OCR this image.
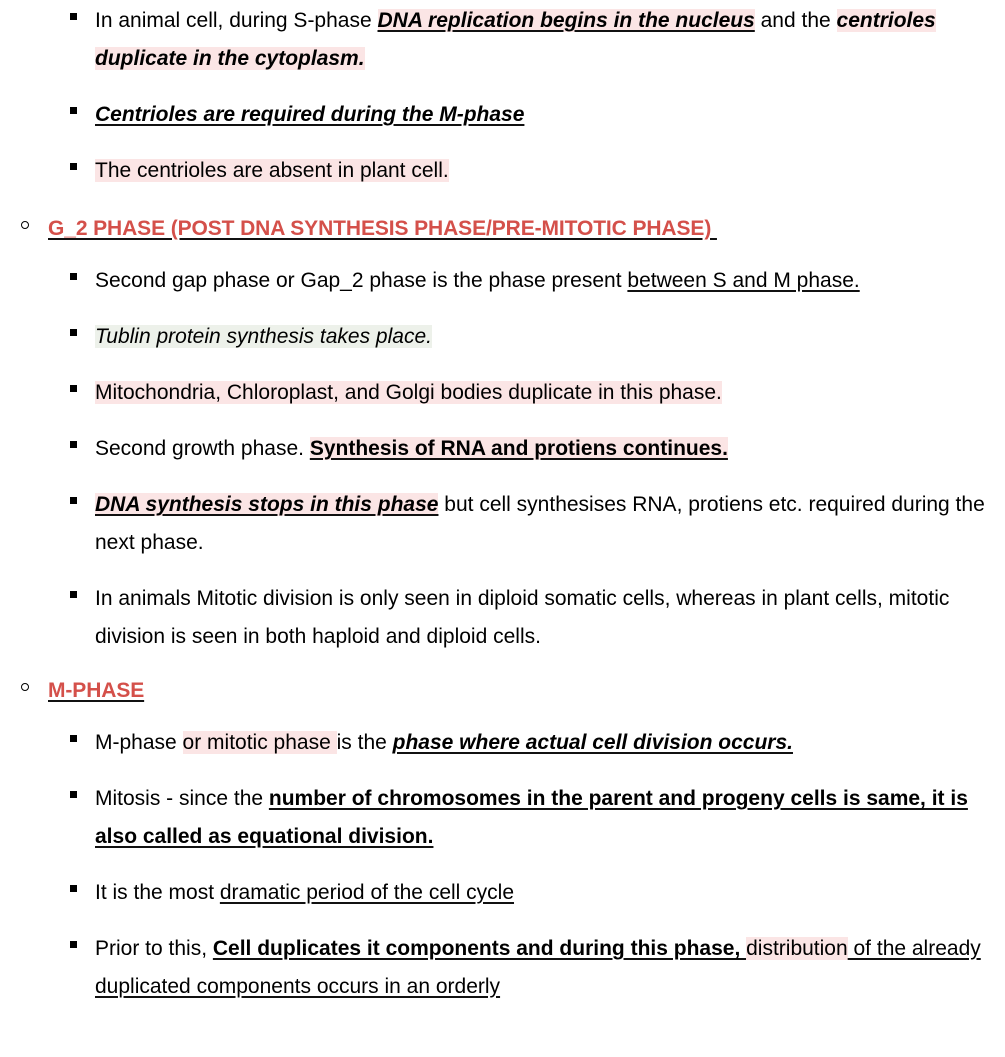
In animal cell, during S-phase DNA replication begins in the nucleus and the centrioles duplicate in the cytoplasm.
Centrioles are required during the M-phase
The centrioles are absent in plant cell.
G_2 PHASE (POST DNA SYNTHESIS PHASE/PRE-MITOTIC PHASE)
Second gap phase or Gap_2 phase is the phase present between S and M phase.
Tublin protein synthesis takes place.
Mitochondria, Chloroplast, and Golgi bodies duplicate in this phase.
Second growth phase. Synthesis of RNA and protiens continues.
DNA synthesis stops in this phase but cell synthesises RNA, protiens etc. required during the next phase.
In animals Mitotic division is only seen in diploid somatic cells, whereas in plant cells, mitotic division is seen in both haploid and diploid cells.
M-PHASE
M-phase or mitotic phase is the phase where actual cell division occurs.
Mitosis - since the number of chromosomes in the parent and progeny cells is same, it is also called as equational division.
It is the most dramatic period of the cell cycle
Prior to this, Cell duplicates it components and during this phase, distribution of the already duplicated components occurs in an orderly
